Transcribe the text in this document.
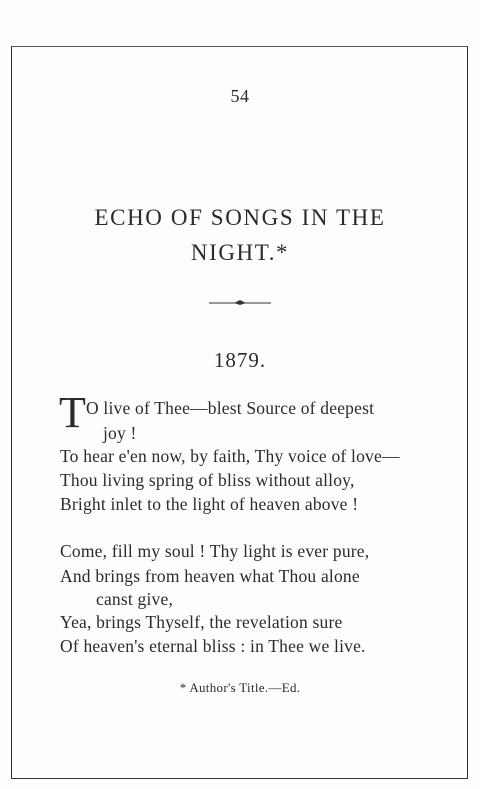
54
ECHO OF SONGS IN THE
NIGHT.*
1879.
T O live of Thee—blest Source of deepest
joy !
To hear e'en now, by faith, Thy voice of love—
Thou living spring of bliss without alloy,
Bright inlet to the light of heaven above !
Come, fill my soul ! Thy light is ever pure,
And brings from heaven what Thou alone
canst give,
Yea, brings Thyself, the revelation sure
Of heaven's eternal bliss : in Thee we live.
* Author's Title.—Ed.
